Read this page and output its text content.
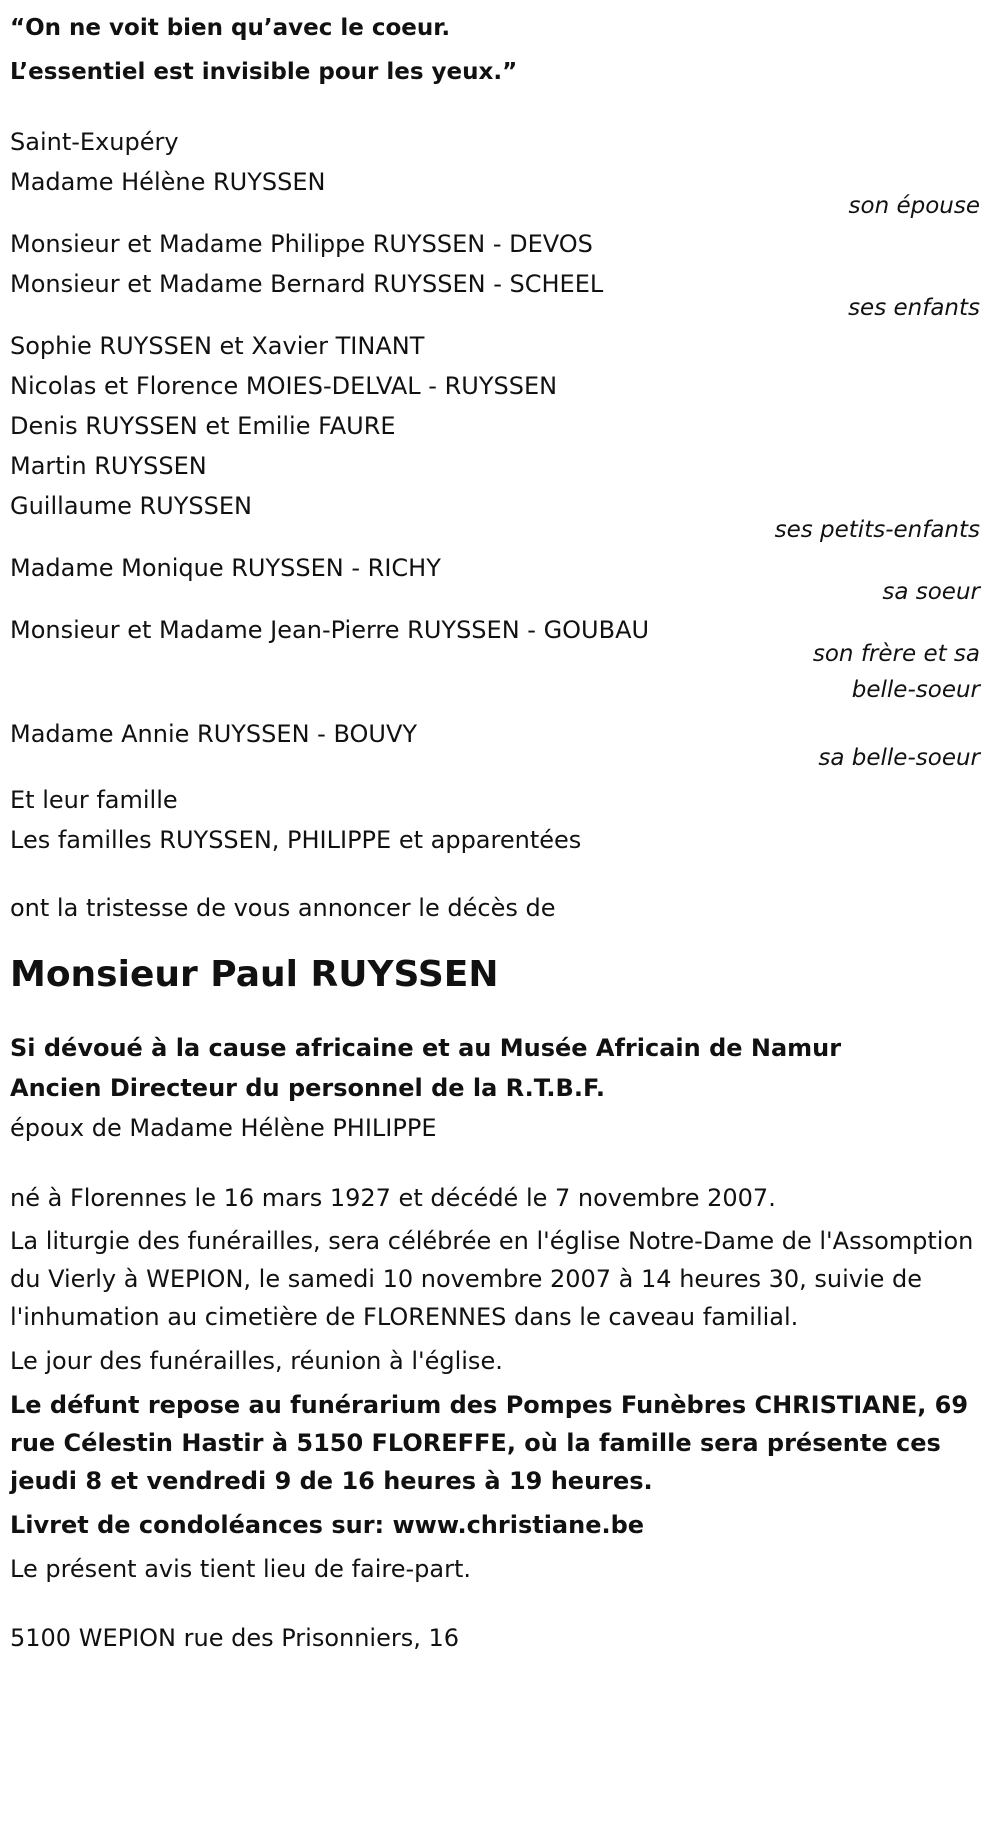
“On ne voit bien qu’avec le coeur.

L’essentiel est invisible pour les yeux.”

Saint-Exupéry

Madame Hélène RUYSSEN

son épouse

Monsieur et Madame Philippe RUYSSEN - DEVOS

Monsieur et Madame Bernard RUYSSEN - SCHEEL

ses enfants

Sophie RUYSSEN et Xavier TINANT

Nicolas et Florence MOIES-DELVAL - RUYSSEN

Denis RUYSSEN et Emilie FAURE

Martin RUYSSEN

Guillaume RUYSSEN

ses petits-enfants

Madame Monique RUYSSEN - RICHY

sa soeur

Monsieur et Madame Jean-Pierre RUYSSEN - GOUBAU

son frère et sa

belle-soeur

Madame Annie RUYSSEN - BOUVY

sa belle-soeur

Et leur famille

Les familles RUYSSEN, PHILIPPE et apparentées

ont la tristesse de vous annoncer le décès de

Monsieur Paul RUYSSEN

Si dévoué à la cause africaine et au Musée Africain de Namur

Ancien Directeur du personnel de la R.T.B.F.

époux de Madame Hélène PHILIPPE

né à Florennes le 16 mars 1927 et décédé le 7 novembre 2007.

La liturgie des funérailles, sera célébrée en l'église Notre-Dame de l'Assomption du Vierly à WEPION, le samedi 10 novembre 2007 à 14 heures 30, suivie de l'inhumation au cimetière de FLORENNES dans le caveau familial.

Le jour des funérailles, réunion à l'église.

Le défunt repose au funérarium des Pompes Funèbres CHRISTIANE, 69 rue Célestin Hastir à 5150 FLOREFFE, où la famille sera présente ces jeudi 8 et vendredi 9 de 16 heures à 19 heures.

Livret de condoléances sur: www.christiane.be

Le présent avis tient lieu de faire-part.

5100 WEPION rue des Prisonniers, 16
